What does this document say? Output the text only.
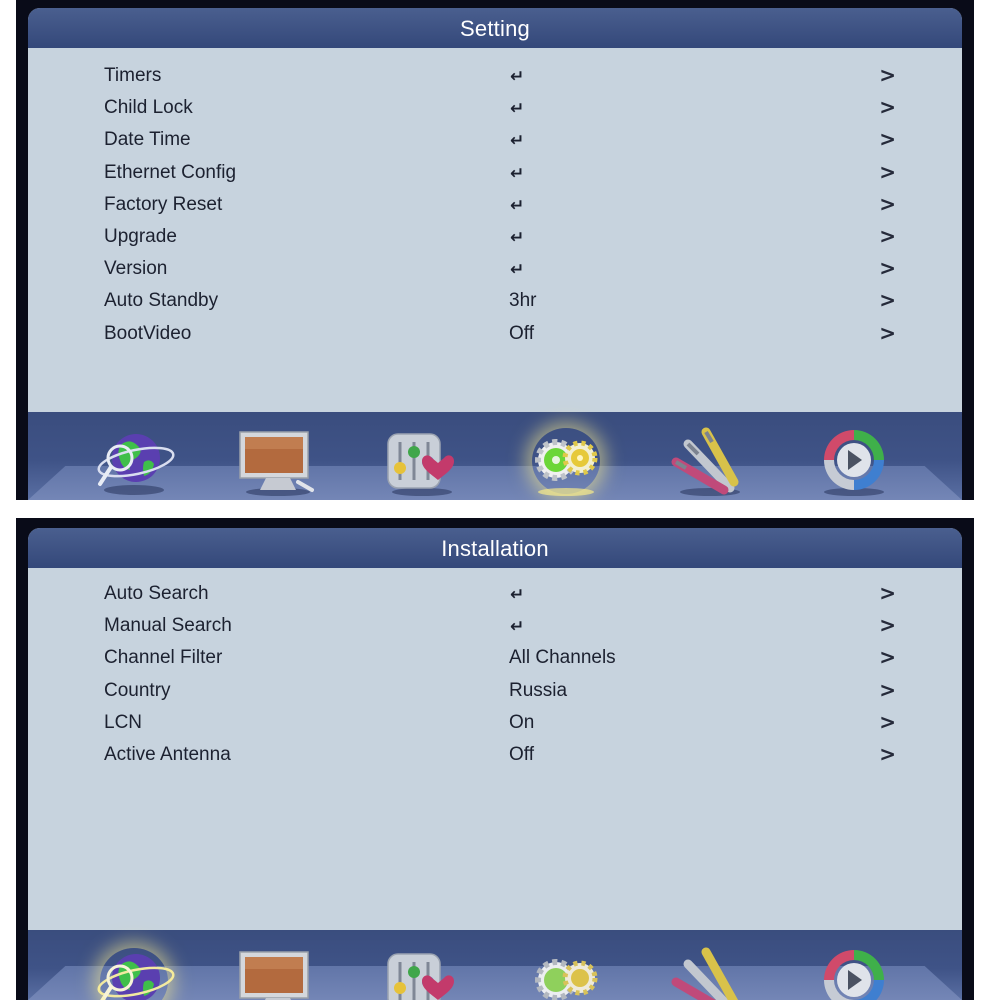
Setting
Timers	↵	>
Child Lock	↵	>
Date Time	↵	>
Ethernet Config	↵	>
Factory Reset	↵	>
Upgrade	↵	>
Version	↵	>
Auto Standby	3hr	>
BootVideo	Off	>
Installation
Auto Search	↵	>
Manual Search	↵	>
Channel Filter	All Channels	>
Country	Russia	>
LCN	On	>
Active Antenna	Off	>
